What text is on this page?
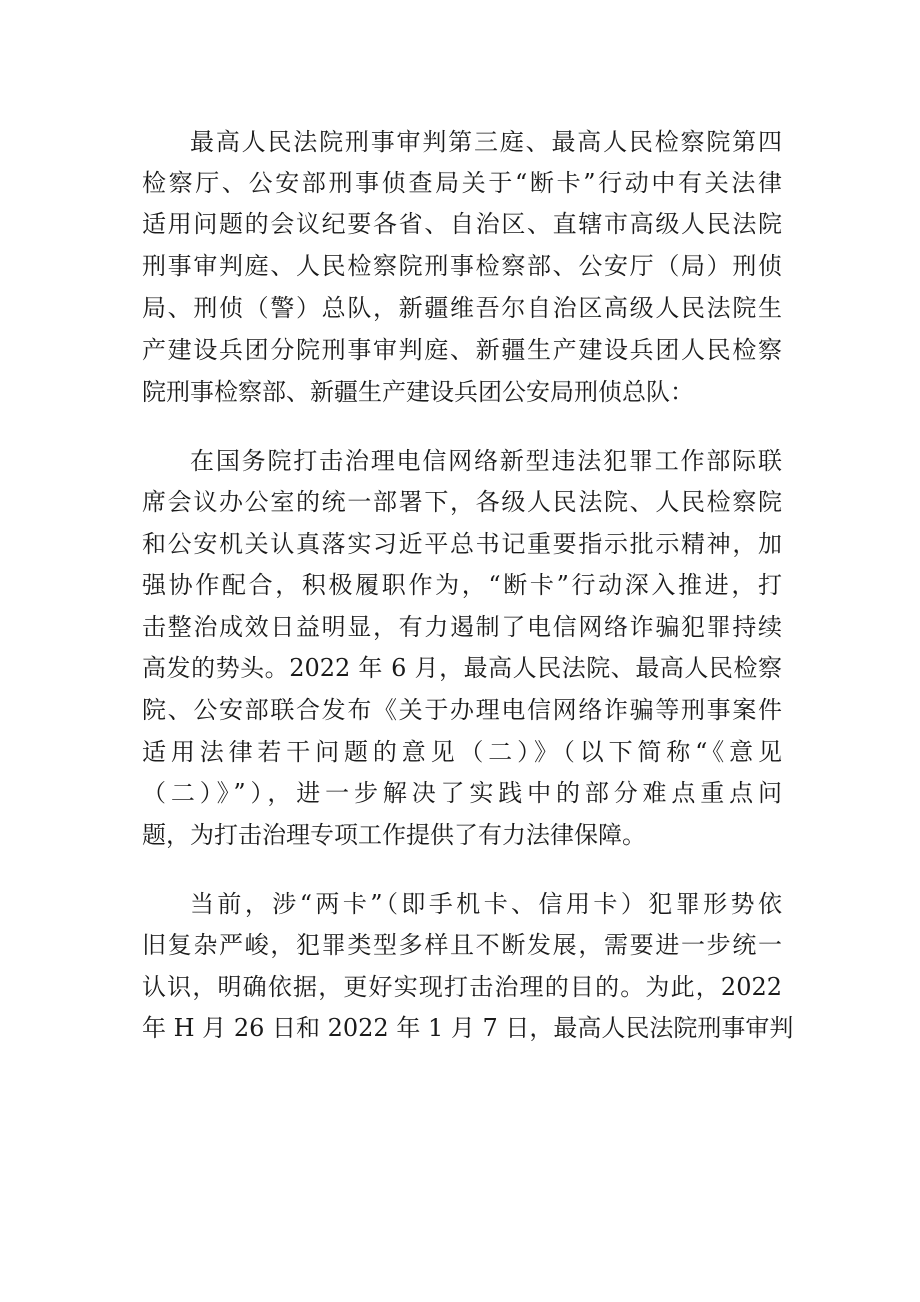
最高人民法院刑事审判第三庭、最高人民检察院第四
检察厅、公安部刑事侦查局关于“断卡”行动中有关法律
适用问题的会议纪要各省、自治区、直辖市高级人民法院
刑事审判庭、人民检察院刑事检察部、公安厅（局）刑侦
局、刑侦（警）总队，新疆维吾尔自治区高级人民法院生
产建设兵团分院刑事审判庭、新疆生产建设兵团人民检察
院刑事检察部、新疆生产建设兵团公安局刑侦总队：
在国务院打击治理电信网络新型违法犯罪工作部际联
席会议办公室的统一部署下，各级人民法院、人民检察院
和公安机关认真落实习近平总书记重要指示批示精神，加
强协作配合，积极履职作为，“断卡”行动深入推进，打
击整治成效日益明显，有力遏制了电信网络诈骗犯罪持续
高发的势头。2022 年 6 月，最高人民法院、最高人民检察
院、公安部联合发布《关于办理电信网络诈骗等刑事案件
适用法律若干问题的意见（二）》（以下简称“《意见
（二）》”），进一步解决了实践中的部分难点重点问
题，为打击治理专项工作提供了有力法律保障。
当前，涉“两卡”（即手机卡、信用卡）犯罪形势依
旧复杂严峻，犯罪类型多样且不断发展，需要进一步统一
认识，明确依据，更好实现打击治理的目的。为此，2022
年 H 月 26 日和 2022 年 1 月 7 日，最高人民法院刑事审判
